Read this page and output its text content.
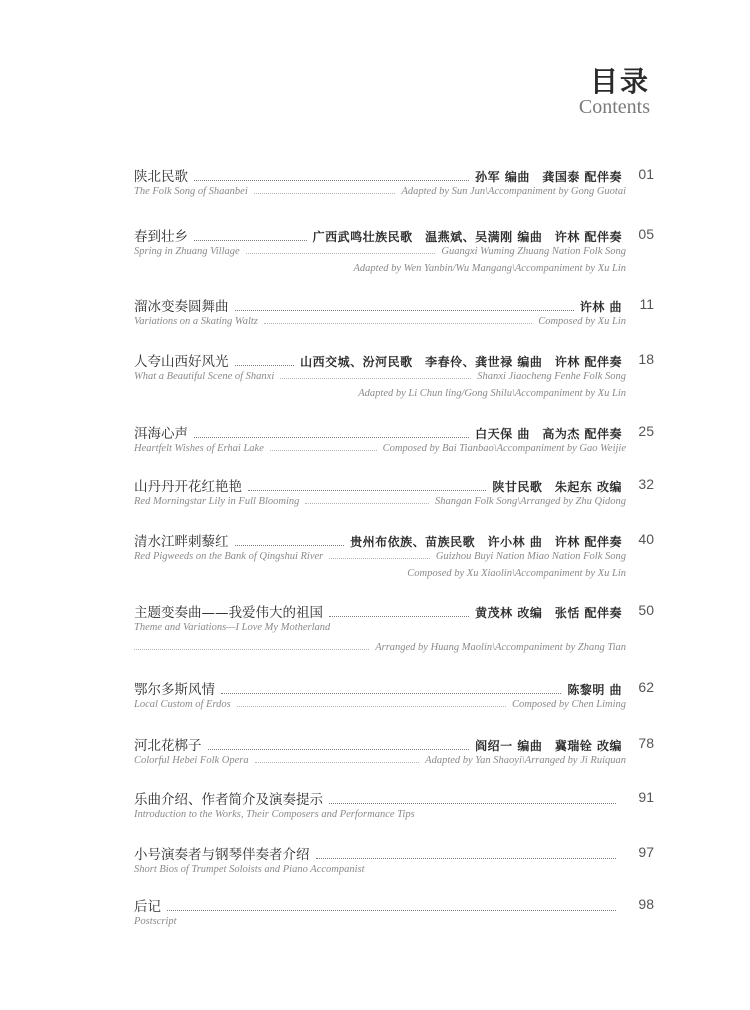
目录
Contents
陕北民歌	孙军 编曲　龚国泰 配伴奏 01
The Folk Song of Shaanbei	Adapted by Sun Jun\Accompaniment by Gong Guotai
春到壮乡	广西武鸣壮族民歌　温燕斌、吴满刚 编曲　许林 配伴奏 05
Spring in Zhuang Village	Guangxi Wuming Zhuang Nation Folk Song
Adapted by Wen Yanbin/Wu Mangang\Accompaniment by Xu Lin
溜冰变奏圆舞曲	许林 曲 11
Variations on a Skating Waltz	Composed by Xu Lin
人夸山西好风光	山西交城、汾河民歌　李春伶、龚世禄 编曲　许林 配伴奏 18
What a Beautiful Scene of Shanxi	Shanxi Jiaocheng Fenhe Folk Song
Adapted by Li Chun ling/Gong Shilu\Accompaniment by Xu Lin
洱海心声	白天保 曲　高为杰 配伴奏 25
Heartfelt Wishes of Erhai Lake	Composed by Bai Tianbao\Accompaniment by Gao Weijie
山丹丹开花红艳艳	陕甘民歌　朱起东 改编 32
Red Morningstar Lily in Full Blooming	Shangan Folk Song\Arranged by Zhu Qidong
清水江畔刺藜红	贵州布依族、苗族民歌　许小林 曲　许林 配伴奏 40
Red Pigweeds on the Bank of Qingshui River	Guizhou Buyi Nation Miao Nation Folk Song
Composed by Xu Xiaolin\Accompaniment by Xu Lin
主题变奏曲——我爱伟大的祖国	黄茂林 改编　张恬 配伴奏 50
Theme and Variations—I Love My Motherland
Arranged by Huang Maolin\Accompaniment by Zhang Tian
鄂尔多斯风情	陈黎明 曲 62
Local Custom of Erdos	Composed by Chen Liming
河北花梆子	阎绍一 编曲　冀瑞铨 改编 78
Colorful Hebei Folk Opera	Adapted by Yan Shaoyi\Arranged by Ji Ruiquan
乐曲介绍、作者简介及演奏提示	91
Introduction to the Works, Their Composers and Performance Tips
小号演奏者与钢琴伴奏者介绍	97
Short Bios of Trumpet Soloists and Piano Accompanist
后记	98
Postscript
